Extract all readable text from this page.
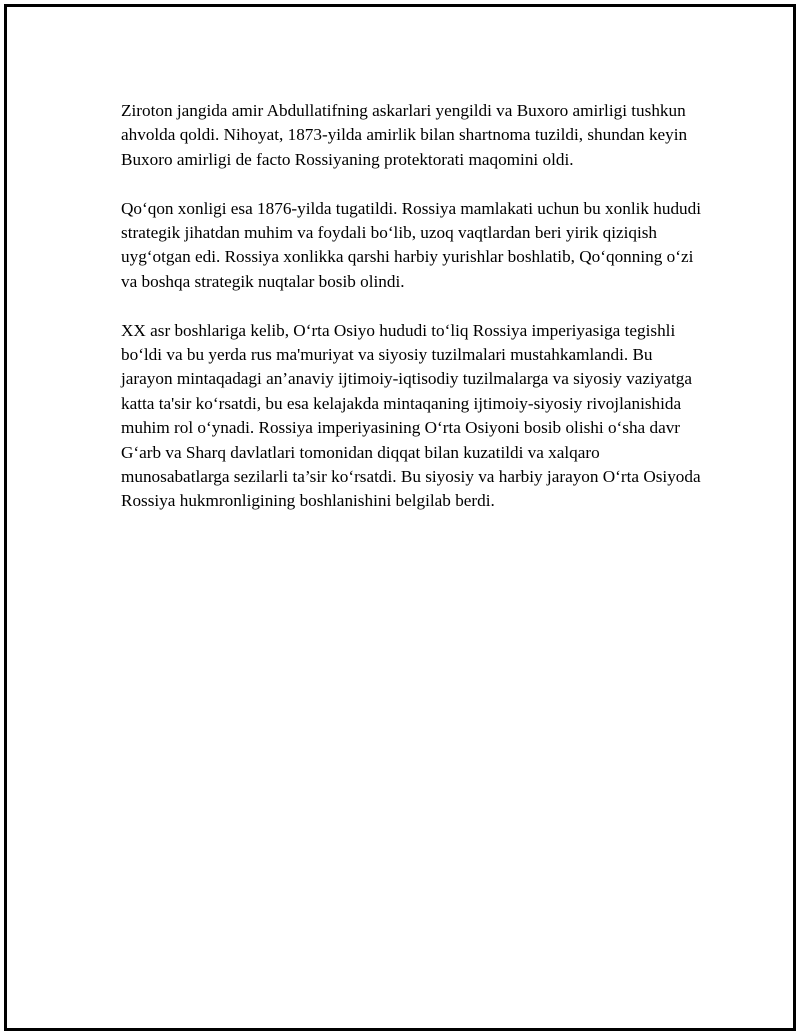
Ziroton jangida amir Abdullatifning askarlari yengildi va Buxoro amirligi tushkun ahvolda qoldi. Nihoyat, 1873-yilda amirlik bilan shartnoma tuzildi, shundan keyin Buxoro amirligi de facto Rossiyaning protektorati maqomini oldi.

Qo‘qon xonligi esa 1876-yilda tugatildi. Rossiya mamlakati uchun bu xonlik hududi strategik jihatdan muhim va foydali bo‘lib, uzoq vaqtlardan beri yirik qiziqish uyg‘otgan edi. Rossiya xonlikka qarshi harbiy yurishlar boshlatib, Qo‘qonning o‘zi va boshqa strategik nuqtalar bosib olindi.

XX asr boshlariga kelib, O‘rta Osiyo hududi to‘liq Rossiya imperiyasiga tegishli bo‘ldi va bu yerda rus ma'muriyat va siyosiy tuzilmalari mustahkamlandi. Bu jarayon mintaqadagi an’anaviy ijtimoiy-iqtisodiy tuzilmalarga va siyosiy vaziyatga katta ta'sir ko‘rsatdi, bu esa kelajakda mintaqaning ijtimoiy-siyosiy rivojlanishida muhim rol o‘ynadi. Rossiya imperiyasining O‘rta Osiyoni bosib olishi o‘sha davr G‘arb va Sharq davlatlari tomonidan diqqat bilan kuzatildi va xalqaro munosabatlarga sezilarli ta’sir ko‘rsatdi. Bu siyosiy va harbiy jarayon O‘rta Osiyoda Rossiya hukmronligining boshlanishini belgilab berdi.
